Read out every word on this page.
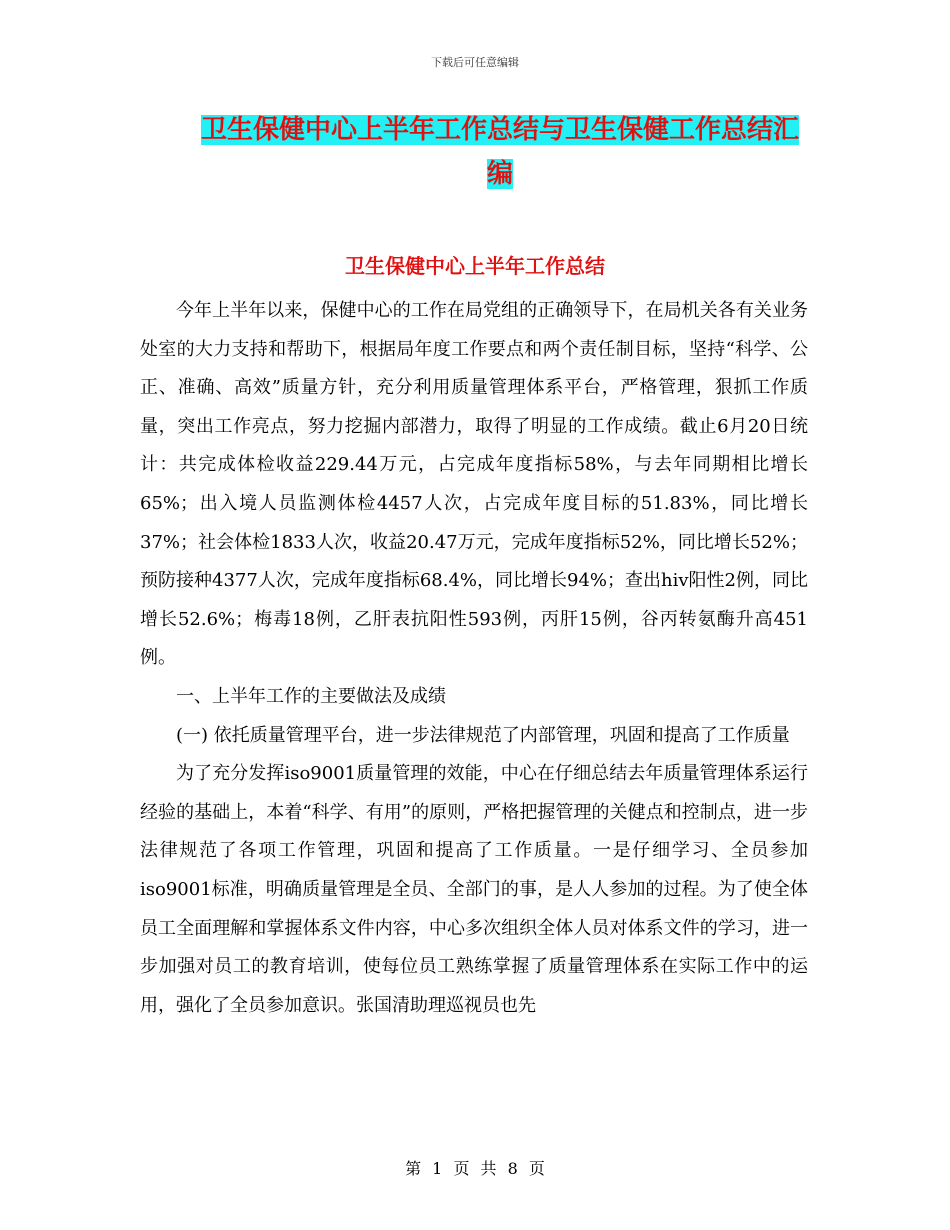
下载后可任意编辑
卫生保健中心上半年工作总结与卫生保健工作总结汇编
卫生保健中心上半年工作总结

今年上半年以来，保健中心的工作在局党组的正确领导下，在局机关各有关业务处室的大力支持和帮助下，根据局年度工作要点和两个责任制目标，坚持“科学、公正、准确、高效”质量方针，充分利用质量管理体系平台，严格管理，狠抓工作质量，突出工作亮点，努力挖掘内部潜力，取得了明显的工作成绩。截止6月20日统计：共完成体检收益229.44万元，占完成年度指标58%，与去年同期相比增长65%；出入境人员监测体检4457人次，占完成年度目标的51.83%，同比增长37%；社会体检1833人次，收益20.47万元，完成年度指标52%，同比增长52%；预防接种4377人次，完成年度指标68.4%，同比增长94%；查出hiv阳性2例，同比增长52.6%；梅毒18例，乙肝表抗阳性593例，丙肝15例，谷丙转氨酶升高451例。

一、上半年工作的主要做法及成绩

(一) 依托质量管理平台，进一步法律规范了内部管理，巩固和提高了工作质量

为了充分发挥iso9001质量管理的效能，中心在仔细总结去年质量管理体系运行经验的基础上，本着“科学、有用”的原则，严格把握管理的关健点和控制点，进一步法律规范了各项工作管理，巩固和提高了工作质量。一是仔细学习、全员参加iso9001标准，明确质量管理是全员、全部门的事，是人人参加的过程。为了使全体员工全面理解和掌握体系文件内容，中心多次组织全体人员对体系文件的学习，进一步加强对员工的教育培训，使每位员工熟练掌握了质量管理体系在实际工作中的运用，强化了全员参加意识。张国清助理巡视员也先

第 1 页 共 8 页
